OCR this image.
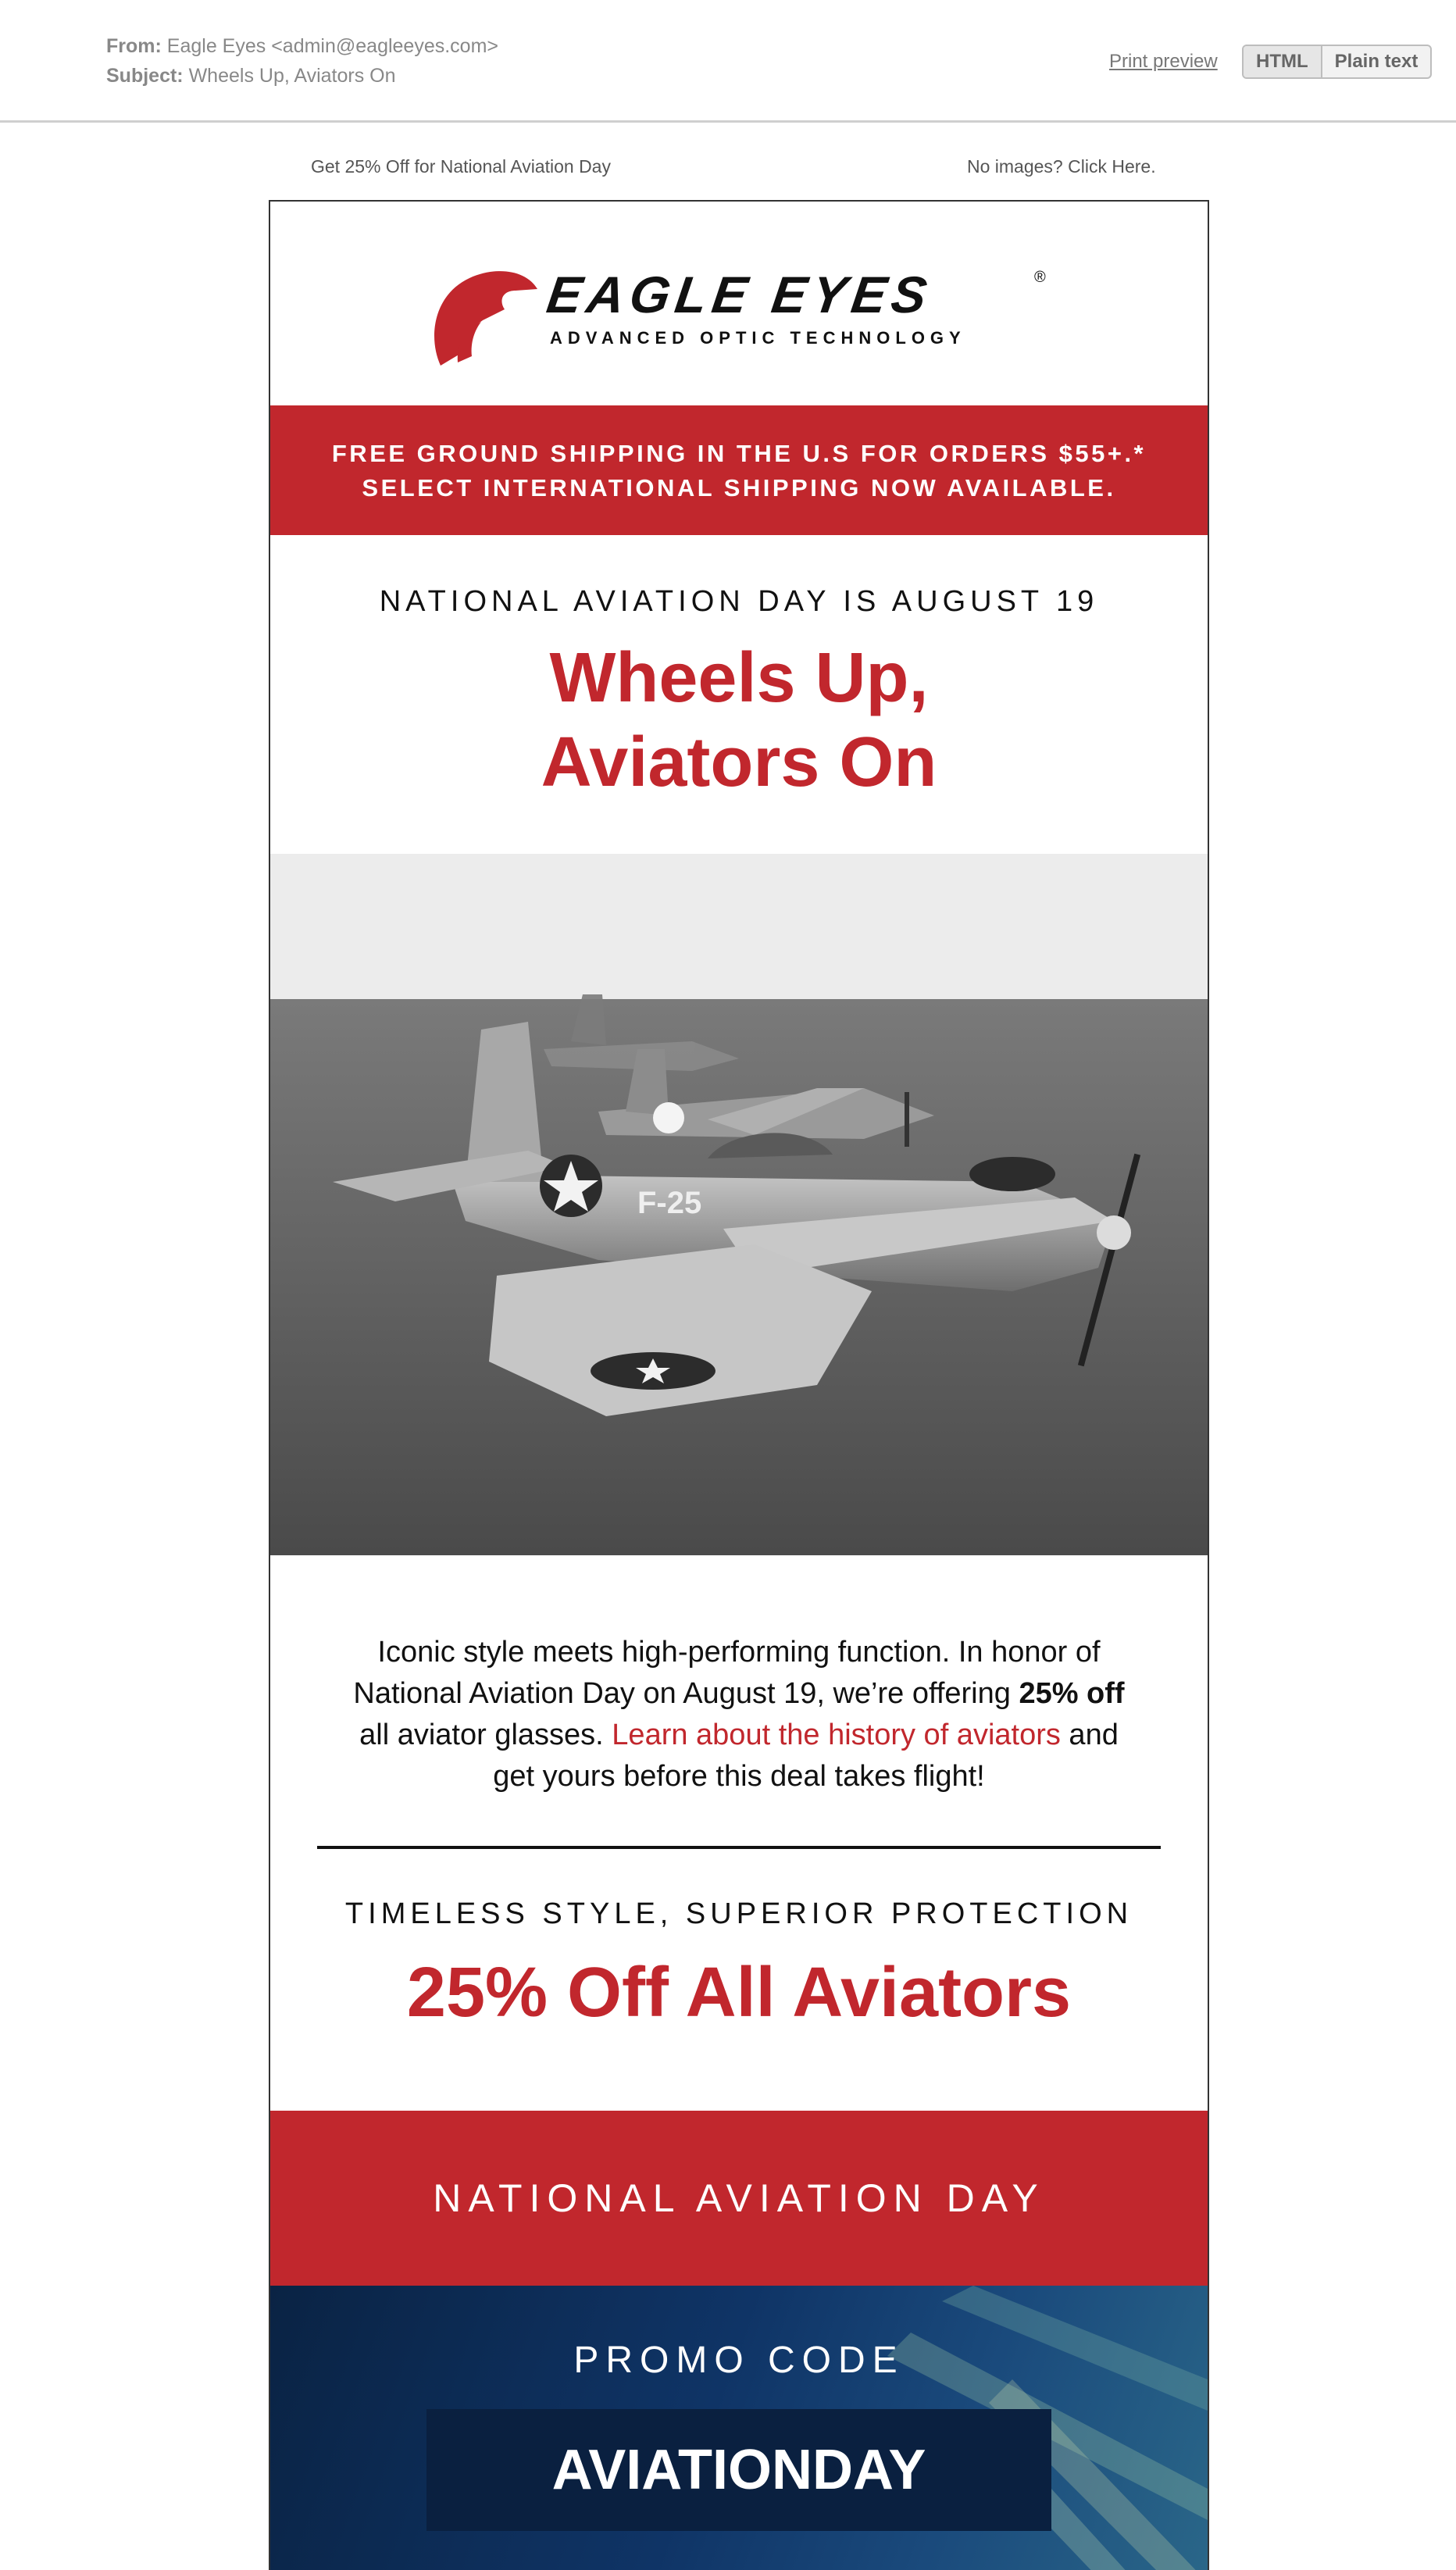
From: Eagle Eyes <admin@eagleeyes.com>
Subject: Wheels Up, Aviators On
Print preview	HTML	Plain text
Get 25% Off for National Aviation Day	No images? Click Here.
EAGLE EYES	®
ADVANCED OPTIC TECHNOLOGY
FREE GROUND SHIPPING IN THE U.S FOR ORDERS $55+.*
SELECT INTERNATIONAL SHIPPING NOW AVAILABLE.
NATIONAL AVIATION DAY IS AUGUST 19
Wheels Up,
Aviators On
F-25
Iconic style meets high-performing function. In honor of National Aviation Day on August 19, we’re offering 25% off all aviator glasses. Learn about the history of aviators and get yours before this deal takes flight!
TIMELESS STYLE, SUPERIOR PROTECTION
25% Off All Aviators
NATIONAL AVIATION DAY
PROMO CODE
AVIATIONDAY
